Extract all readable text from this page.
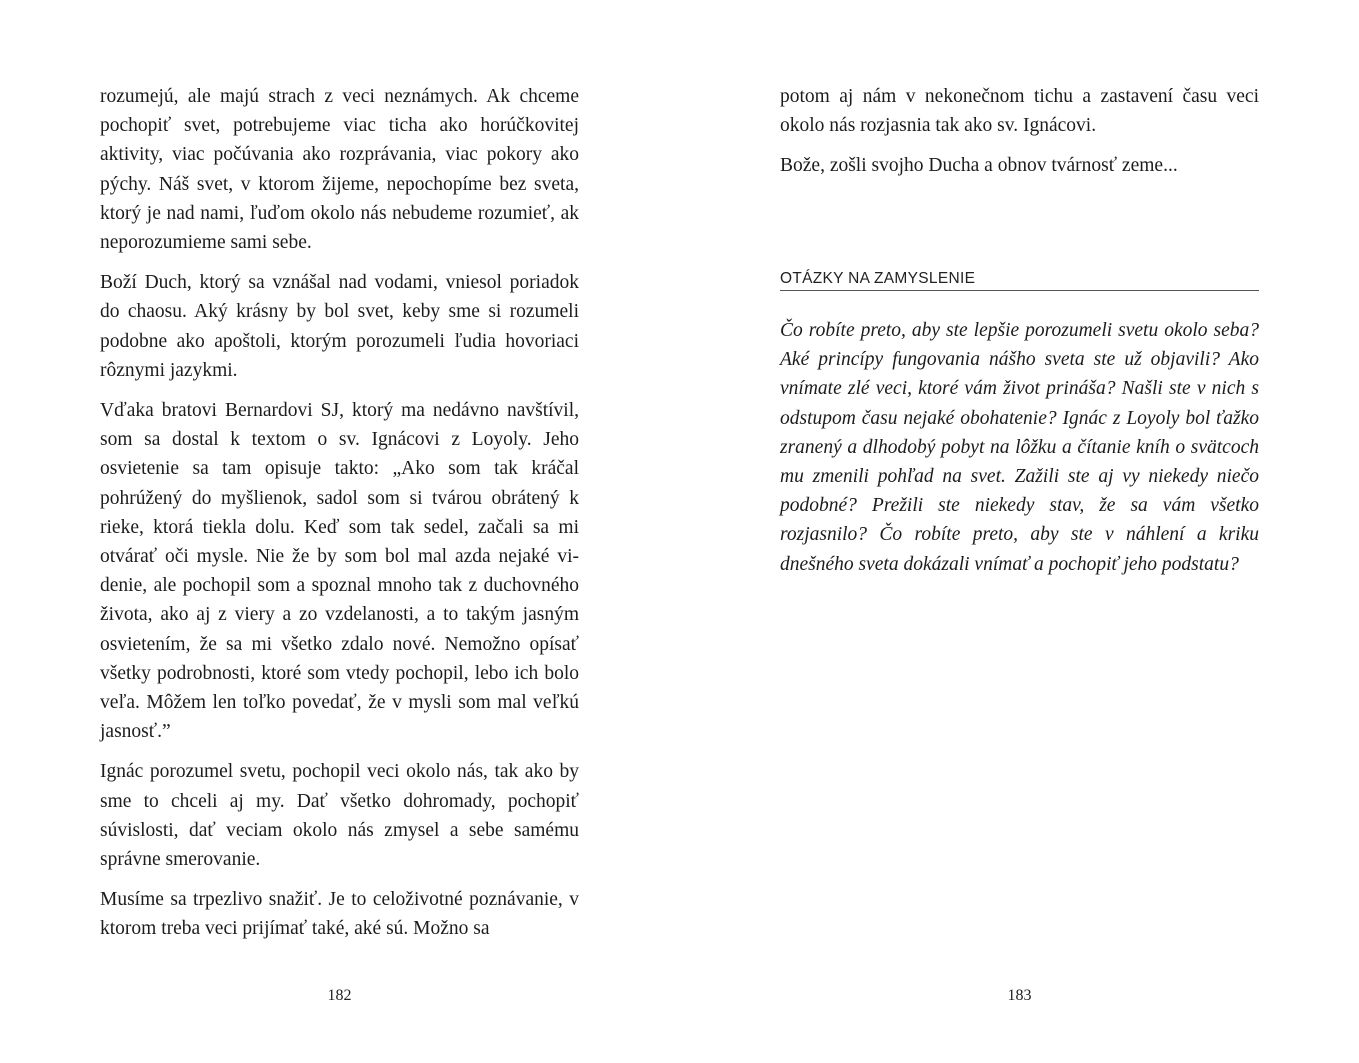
rozumejú, ale majú strach z veci neznámych. Ak chceme pochopiť svet, potrebujeme viac ticha ako horúčkovitej aktivity, viac počúvania ako rozprávania, viac pokory ako pýchy. Náš svet, v ktorom žijeme, nepochopíme bez sveta, ktorý je nad nami, ľuďom okolo nás nebudeme rozumieť, ak neporozumieme sami sebe.

Boží Duch, ktorý sa vznášal nad vodami, vniesol poriadok do chaosu. Aký krásny by bol svet, keby sme si rozumeli podobne ako apoštoli, ktorým porozumeli ľudia hovoriaci rôznymi jazykmi.

Vďaka bratovi Bernardovi SJ, ktorý ma nedávno navštívil, som sa dostal k textom o sv. Ignácovi z Loyoly. Jeho osvietenie sa tam opisuje takto: „Ako som tak kráčal pohrúžený do myšlienok, sadol som si tvárou obrátený k rieke, ktorá tiekla dolu. Keď som tak sedel, začali sa mi otvárať oči mysle. Nie že by som bol mal azda nejaké videnie, ale pochopil som a spoznal mnoho tak z duchovného života, ako aj z viery a zo vzdelanosti, a to takým jasným osvietením, že sa mi všetko zdalo nové. Nemožno opísať všetky podrobnosti, ktoré som vtedy pochopil, lebo ich bolo veľa. Môžem len toľko povedať, že v mysli som mal veľkú jasnosť.”

Ignác porozumel svetu, pochopil veci okolo nás, tak ako by sme to chceli aj my. Dať všetko dohromady, pochopiť súvislosti, dať veciam okolo nás zmysel a sebe samému správne smerovanie.

Musíme sa trpezlivo snažiť. Je to celoživotné poznávanie, v ktorom treba veci prijímať také, aké sú. Možno sa

182

potom aj nám v nekonečnom tichu a zastavení času veci okolo nás rozjasnia tak ako sv. Ignácovi.

Bože, zošli svojho Ducha a obnov tvárnosť zeme...

OTÁZKY NA ZAMYSLENIE

Čo robíte preto, aby ste lepšie porozumeli svetu okolo seba? Aké princípy fungovania nášho sveta ste už objavili? Ako vnímate zlé veci, ktoré vám život prináša? Našli ste v nich s odstupom času nejaké obohatenie? Ignác z Loyoly bol ťažko zranený a dlhodobý pobyt na lôžku a čítanie kníh o svätcoch mu zmenili pohľad na svet. Zažili ste aj vy niekedy niečo podobné? Prežili ste niekedy stav, že sa vám všetko rozjasnilo? Čo robíte preto, aby ste v náhlení a kriku dnešného sveta dokázali vnímať a pochopiť jeho podstatu?

183
